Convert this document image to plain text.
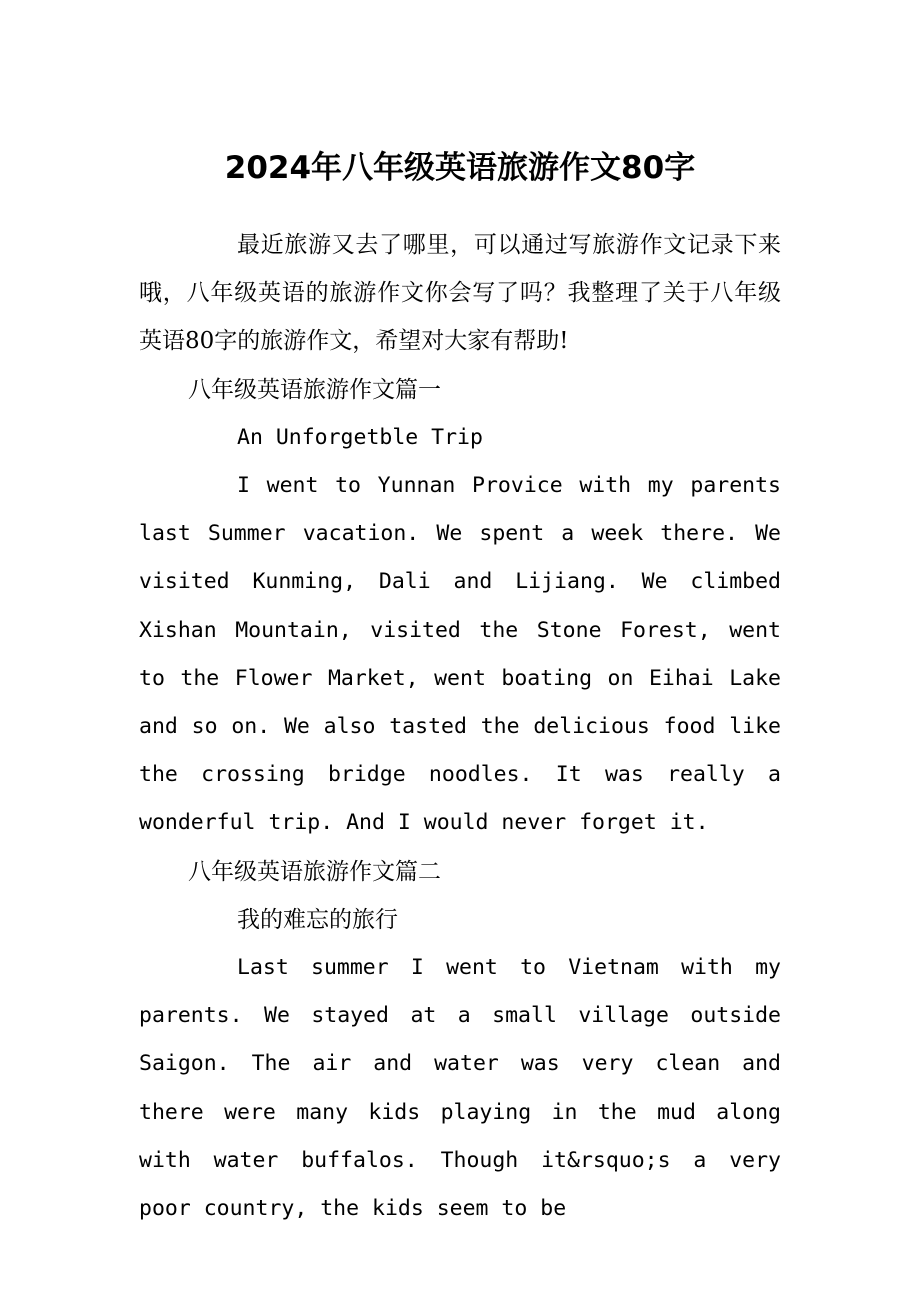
2024年八年级英语旅游作文80字

最近旅游又去了哪里，可以通过写旅游作文记录下来哦，八年级英语的旅游作文你会写了吗？我整理了关于八年级英语80字的旅游作文，希望对大家有帮助!

八年级英语旅游作文篇一

An Unforgetble Trip

I went to Yunnan Provice with my parents last Summer vacation. We spent a week there. We visited Kunming, Dali and Lijiang. We climbed Xishan Mountain, visited the Stone Forest, went to the Flower Market, went boating on Eihai Lake and so on. We also tasted the delicious food like the crossing bridge noodles. It was really a wonderful trip. And I would never forget it.

八年级英语旅游作文篇二

我的难忘的旅行

Last summer I went to Vietnam with my parents. We stayed at a small village outside Saigon. The air and water was very clean and there were many kids playing in the mud along with water buffalos. Though it&rsquo;s a very poor country, the kids seem to be
